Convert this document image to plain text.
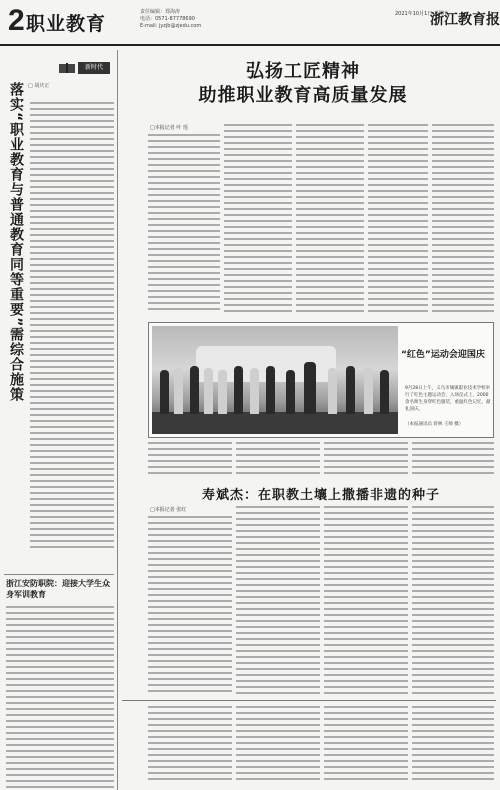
2 职业教育
责任编辑：郑海涛
电话：0571-87778690
E-mail: jyzjb@zjedu.com
2021年10月1日 星期五
浙江教育报
新时代
落实“职业教育与普通教育同等重要”需综合施策 □ 胡庆正
浙江安防职院：迎接大学生众身军训教育
弘扬工匠精神
助推职业教育高质量发展
□本报记者 叶 莲
“红色”运动会迎国庆
9月28日上午，义乌市城镇职业技术学校举行了红色主题运动会，入场仪式上，2000余名师生身穿红色服装，重温红色记忆，献礼国庆。
（本报通讯员 蒋林 王帅 摄）
寿斌杰：在职教土壤上撒播非遗的种子
□本报记者 张红
